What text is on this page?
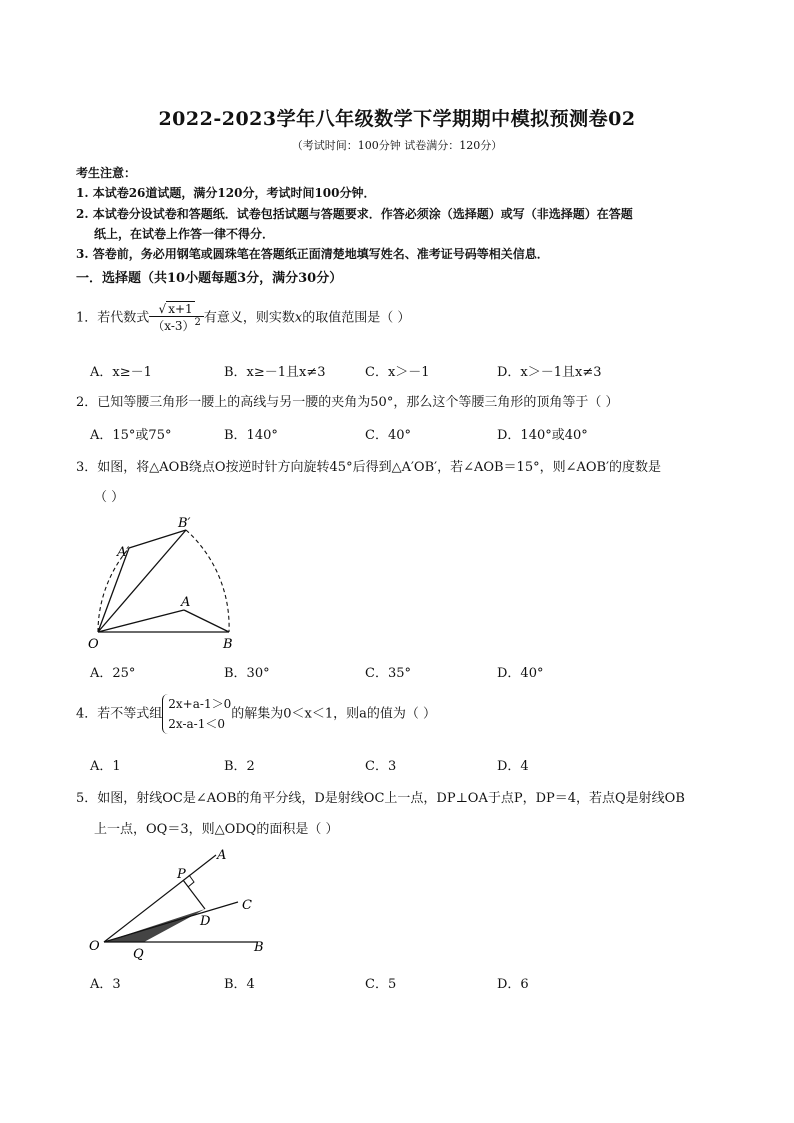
2022-2023学年八年级数学下学期期中模拟预测卷02
（考试时间：100分钟 试卷满分：120分）
考生注意：
1. 本试卷26道试题，满分120分，考试时间100分钟．
2. 本试卷分设试卷和答题纸．试卷包括试题与答题要求．作答必须涂（选择题）或写（非选择题）在答题
纸上，在试卷上作答一律不得分．
3. 答卷前，务必用钢笔或圆珠笔在答题纸正面清楚地填写姓名、准考证号码等相关信息．
一．选择题（共10小题每题3分，满分30分）
1．若代数式 $\frac{√ x+1}{(x-3)^2}$ 有意义，则实数x的取值范围是（ ）
A．x≥－1	B．x≥－1且x≠3	C．x＞－1	D．x＞－1且x≠3
2．已知等腰三角形一腰上的高线与另一腰的夹角为50°，那么这个等腰三角形的顶角等于（ ）
A．15°或75°	B．140°	C．40°	D．140°或40°
3．如图，将△AOB绕点O按逆时针方向旋转45°后得到△A′OB′，若∠AOB＝15°，则∠AOB′的度数是
（ ）
O
A
B
A′
B′
A．25°	B．30°	C．35°	D．40°
4．若不等式组
2x+a-1＞0
2x-a-1＜0
的解集为0＜x＜1，则a的值为（ ）
A．1	B．2	C．3	D．4
5．如图，射线OC是∠AOB的角平分线，D是射线OC上一点，DP⊥OA于点P，DP＝4，若点Q是射线OB
上一点，OQ＝3，则△ODQ的面积是（ ）
O
A
B
C
D
P
Q
A．3	B．4	C．5	D．6
